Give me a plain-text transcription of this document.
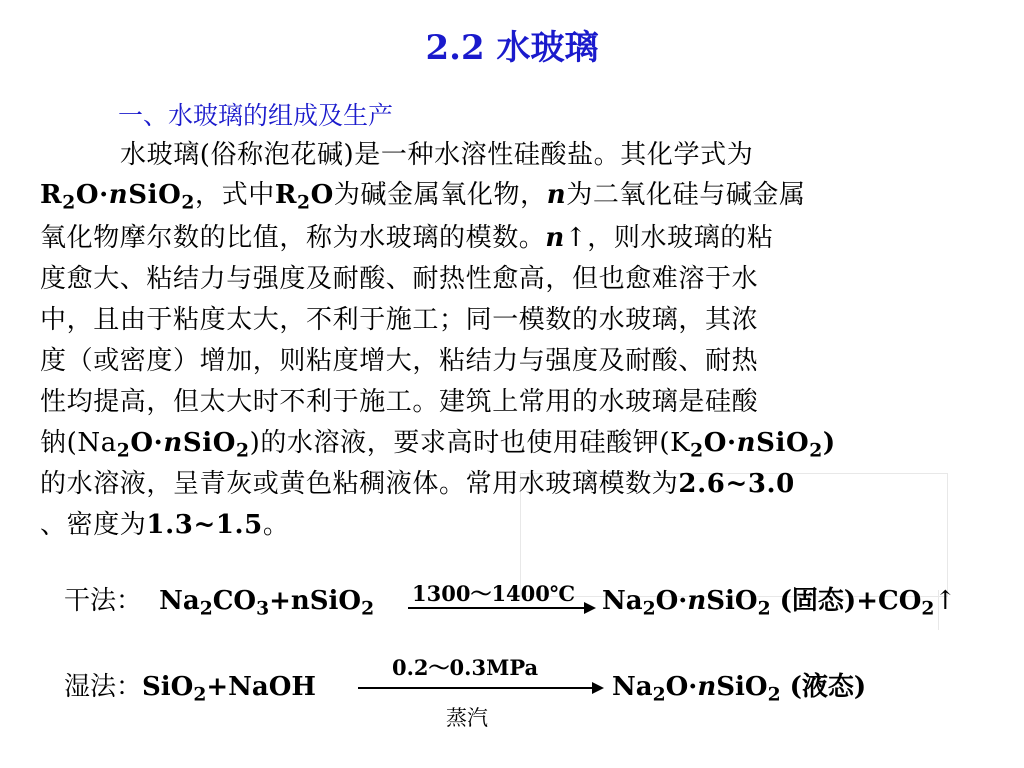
2.2 水玻璃
一、水玻璃的组成及生产
水玻璃(俗称泡花碱)是一种水溶性硅酸盐。其化学式为
$R_2O\cdot nSiO_2$，式中$R_2O$为碱金属氧化物，n为二氧化硅与碱金属
氧化物摩尔数的比值，称为水玻璃的模数。n↑，则水玻璃的粘
度愈大、粘结力与强度及耐酸、耐热性愈高，但也愈难溶于水
中，且由于粘度太大，不利于施工；同一模数的水玻璃，其浓
度（或密度）增加，则粘度增大，粘结力与强度及耐酸、耐热
性均提高，但太大时不利于施工。建筑上常用的水玻璃是硅酸
钠$(Na_2O\cdot nSiO_2)$的水溶液，要求高时也使用硅酸钾$(K_2O\cdot nSiO_2)$
的水溶液，呈青灰或黄色粘稠液体。常用水玻璃模数为2.6~3.0
、密度为1.3~1.5。
干法： $Na_2CO_3+nSiO_2$
1300～1400℃ $Na_2O\cdot nSiO_2$ (固态)$+CO_2↑$
湿法：SiO$_2$+NaOH
0.2～0.3MPa
蒸汽
$Na_2O\cdot nSiO_2$ (液态)
